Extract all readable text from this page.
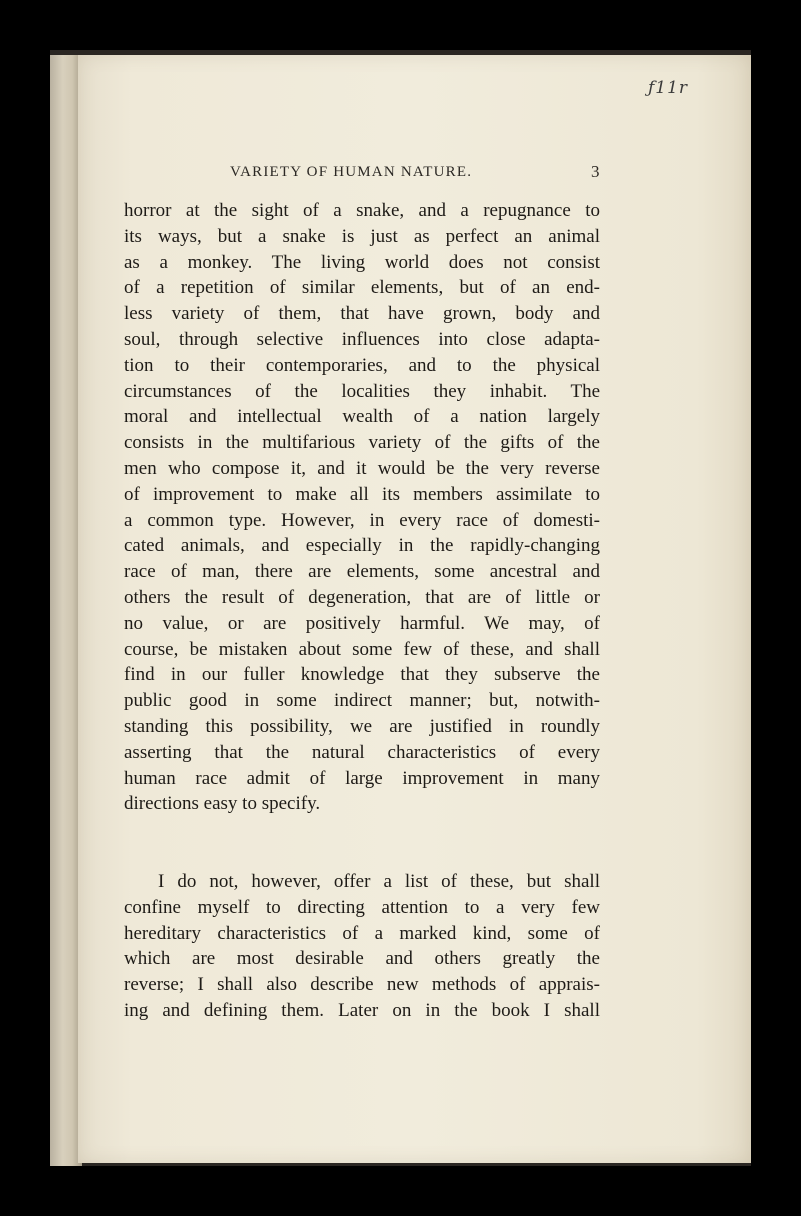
ƒ11r
VARIETY OF HUMAN NATURE.	3
horror at the sight of a snake, and a repugnance to
its ways, but a snake is just as perfect an animal
as a monkey. The living world does not consist
of a repetition of similar elements, but of an end-
less variety of them, that have grown, body and
soul, through selective influences into close adapta-
tion to their contemporaries, and to the physical
circumstances of the localities they inhabit. The
moral and intellectual wealth of a nation largely
consists in the multifarious variety of the gifts of the
men who compose it, and it would be the very reverse
of improvement to make all its members assimilate to
a common type. However, in every race of domesti-
cated animals, and especially in the rapidly-changing
race of man, there are elements, some ancestral and
others the result of degeneration, that are of little or
no value, or are positively harmful. We may, of
course, be mistaken about some few of these, and shall
find in our fuller knowledge that they subserve the
public good in some indirect manner; but, notwith-
standing this possibility, we are justified in roundly
asserting that the natural characteristics of every
human race admit of large improvement in many
directions easy to specify.
I do not, however, offer a list of these, but shall
confine myself to directing attention to a very few
hereditary characteristics of a marked kind, some of
which are most desirable and others greatly the
reverse; I shall also describe new methods of apprais-
ing and defining them. Later on in the book I shall
